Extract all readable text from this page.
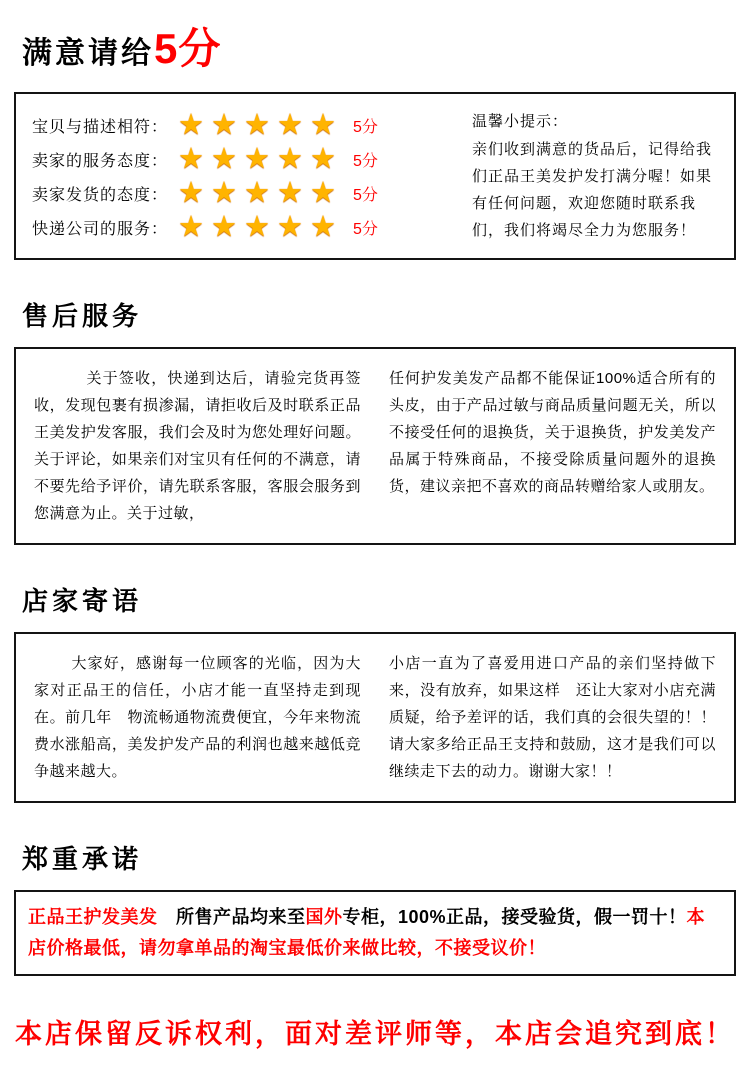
满意请给5分
宝贝与描述相符： ★ ★ ★ ★ ★ 5分
卖家的服务态度： ★ ★ ★ ★ ★ 5分
卖家发货的态度： ★ ★ ★ ★ ★ 5分
快递公司的服务： ★ ★ ★ ★ ★ 5分
温馨小提示：
亲们收到满意的货品后，记得给我们正品王美发护发打满分喔！如果有任何问题，欢迎您随时联系我们，我们将竭尽全力为您服务！
售后服务

关于签收，快递到达后，请验完货再签收，发现包裹有损渗漏，请拒收后及时联系正品王美发护发客服，我们会及时为您处理好问题。关于评论，如果亲们对宝贝有任何的不满意，请不要先给予评价，请先联系客服，客服会服务到您满意为止。关于过敏，

任何护发美发产品都不能保证100%适合所有的头皮，由于产品过敏与商品质量问题无关，所以不接受任何的退换货，关于退换货，护发美发产品属于特殊商品，不接受除质量问题外的退换货，建议亲把不喜欢的商品转赠给家人或朋友。

店家寄语

大家好，感谢每一位顾客的光临，因为大家对正品王的信任，小店才能一直坚持走到现在。前几年　物流畅通物流费便宜，今年来物流费水涨船高，美发护发产品的利润也越来越低竞争越来越大。

小店一直为了喜爱用进口产品的亲们坚持做下来，没有放弃，如果这样　还让大家对小店充满质疑，给予差评的话，我们真的会很失望的！！请大家多给正品王支持和鼓励，这才是我们可以继续走下去的动力。谢谢大家！！

郑重承诺
正品王护发美发　所售产品均来至国外专柜，100%正品，接受验货，假一罚十！本店价格最低，请勿拿单品的淘宝最低价来做比较，不接受议价！
本店保留反诉权利，面对差评师等，本店会追究到底！
